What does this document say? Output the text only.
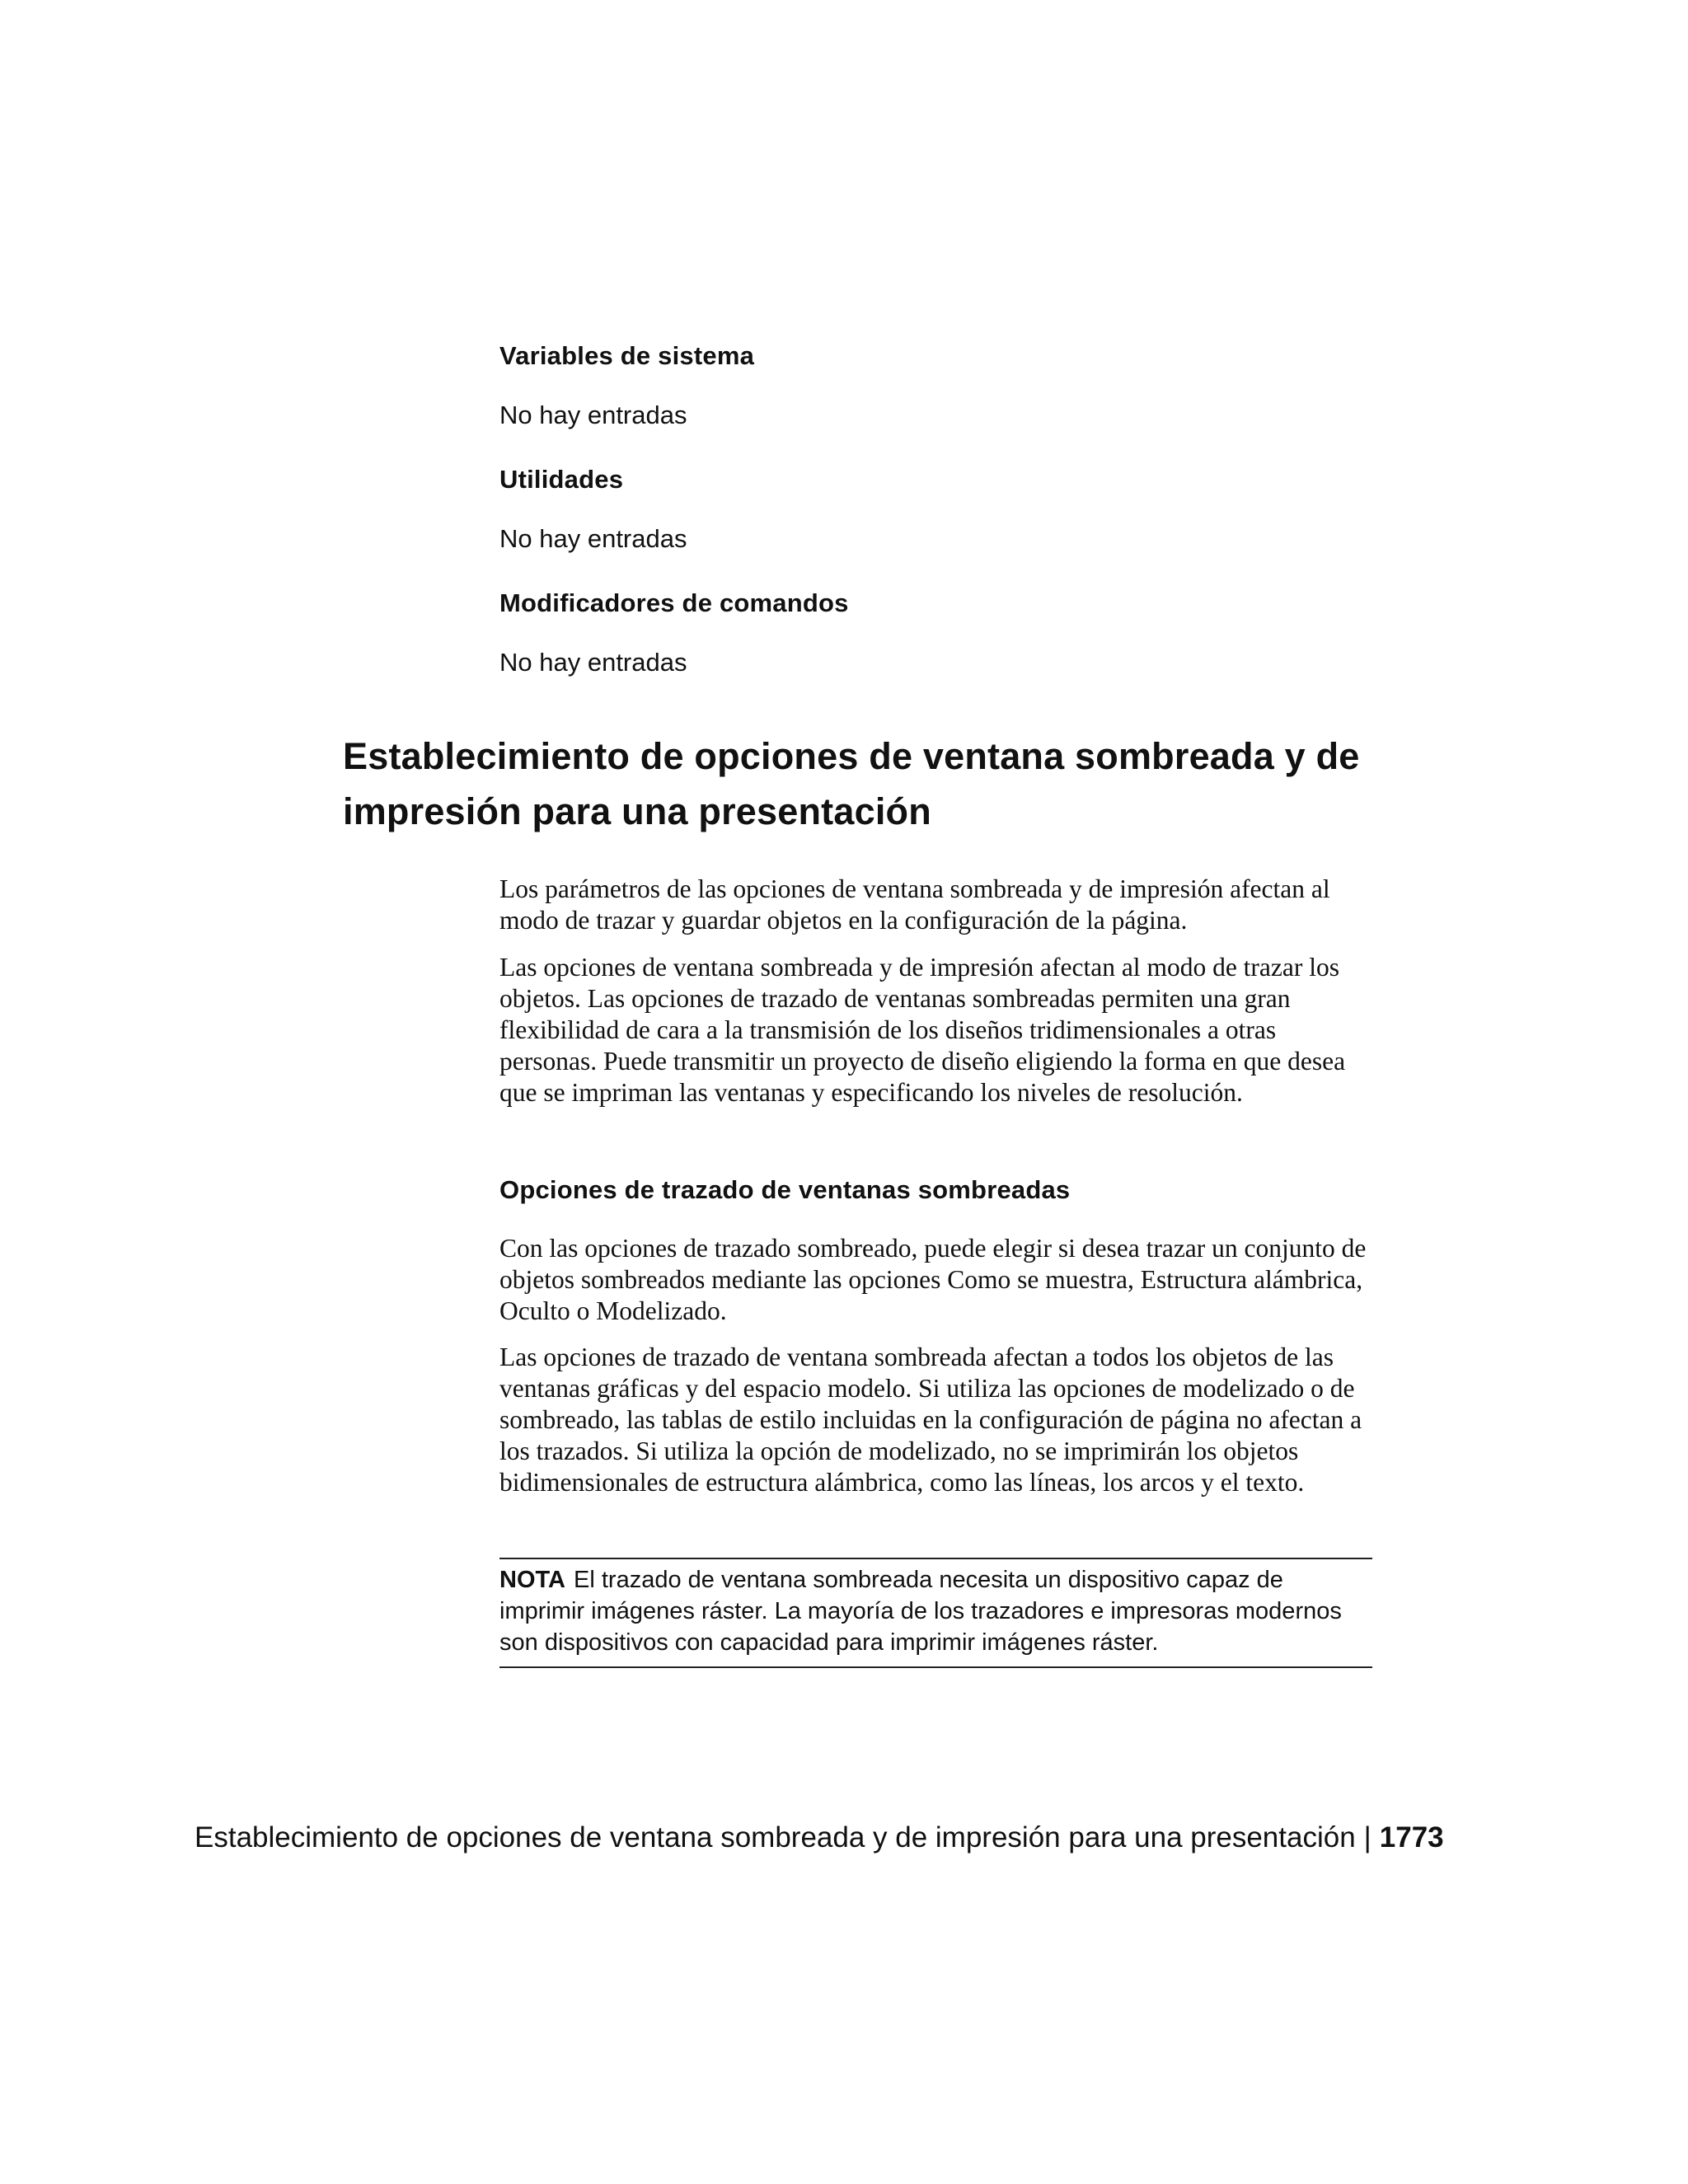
Variables de sistema
No hay entradas
Utilidades
No hay entradas
Modificadores de comandos
No hay entradas
Establecimiento de opciones de ventana sombreada y de impresión para una presentación

Los parámetros de las opciones de ventana sombreada y de impresión afectan al modo de trazar y guardar objetos en la configuración de la página.

Las opciones de ventana sombreada y de impresión afectan al modo de trazar los objetos. Las opciones de trazado de ventanas sombreadas permiten una gran flexibilidad de cara a la transmisión de los diseños tridimensionales a otras personas. Puede transmitir un proyecto de diseño eligiendo la forma en que desea que se impriman las ventanas y especificando los niveles de resolución.

Opciones de trazado de ventanas sombreadas

Con las opciones de trazado sombreado, puede elegir si desea trazar un conjunto de objetos sombreados mediante las opciones Como se muestra, Estructura alámbrica, Oculto o Modelizado.

Las opciones de trazado de ventana sombreada afectan a todos los objetos de las ventanas gráficas y del espacio modelo. Si utiliza las opciones de modelizado o de sombreado, las tablas de estilo incluidas en la configuración de página no afectan a los trazados. Si utiliza la opción de modelizado, no se imprimirán los objetos bidimensionales de estructura alámbrica, como las líneas, los arcos y el texto.

NOTA El trazado de ventana sombreada necesita un dispositivo capaz de imprimir imágenes ráster. La mayoría de los trazadores e impresoras modernos son dispositivos con capacidad para imprimir imágenes ráster.
Establecimiento de opciones de ventana sombreada y de impresión para una presentación | 1773
